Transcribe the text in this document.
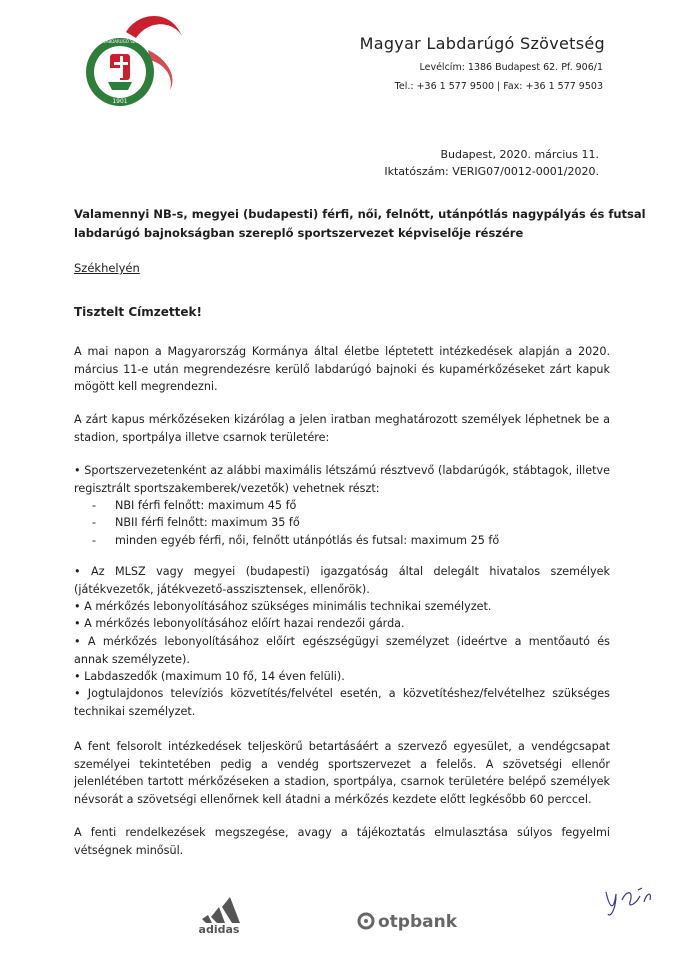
MAGYAR LABDARÚGÓ SZÖVETSÉG
1901
Magyar Labdarúgó Szövetség
Levélcím: 1386 Budapest 62. Pf. 906/1
Tel.: +36 1 577 9500 | Fax: +36 1 577 9503
Budapest, 2020. március 11.
Iktatószám: VERIG07/0012-0001/2020.
Valamennyi NB-s, megyei (budapesti) férfi, női, felnőtt, utánpótlás nagypályás és futsal
labdarúgó bajnokságban szereplő sportszervezet képviselője részére
Székhelyén
Tisztelt Címzettek!
A mai napon a Magyarország Kormánya által életbe léptetett intézkedések alapján a 2020. március 11-e után megrendezésre kerülő labdarúgó bajnoki és kupamérkőzéseket zárt kapuk mögött kell megrendezni.
A zárt kapus mérkőzéseken kizárólag a jelen iratban meghatározott személyek léphetnek be a stadion, sportpálya illetve csarnok területére:
• Sportszervezetenként az alábbi maximális létszámú résztvevő (labdarúgók, stábtagok, illetve regisztrált sportszakemberek/vezetők) vehetnek részt:
- NBI férfi felnőtt: maximum 45 fő
- NBII férfi felnőtt: maximum 35 fő
- minden egyéb férfi, női, felnőtt utánpótlás és futsal: maximum 25 fő
• Az MLSZ vagy megyei (budapesti) igazgatóság által delegált hivatalos személyek (játékvezetők, játékvezető-asszisztensek, ellenőrök).
• A mérkőzés lebonyolításához szükséges minimális technikai személyzet.
• A mérkőzés lebonyolításához előírt hazai rendezői gárda.
• A mérkőzés lebonyolításához előírt egészségügyi személyzet (ideértve a mentőautó és annak személyzete).
• Labdaszedők (maximum 10 fő, 14 éven felüli).
• Jogtulajdonos televíziós közvetítés/felvétel esetén, a közvetítéshez/felvételhez szükséges technikai személyzet.
A fent felsorolt intézkedések teljeskörű betartásáért a szervező egyesület, a vendégcsapat személyei tekintetében pedig a vendég sportszervezet a felelős. A szövetségi ellenőr jelenlétében tartott mérkőzéseken a stadion, sportpálya, csarnok területére belépő személyek névsorát a szövetségi ellenőrnek kell átadni a mérkőzés kezdete előtt legkésőbb 60 perccel.
A fenti rendelkezések megszegése, avagy a tájékoztatás elmulasztása súlyos fegyelmi vétségnek minősül.
adidas	otpbank
